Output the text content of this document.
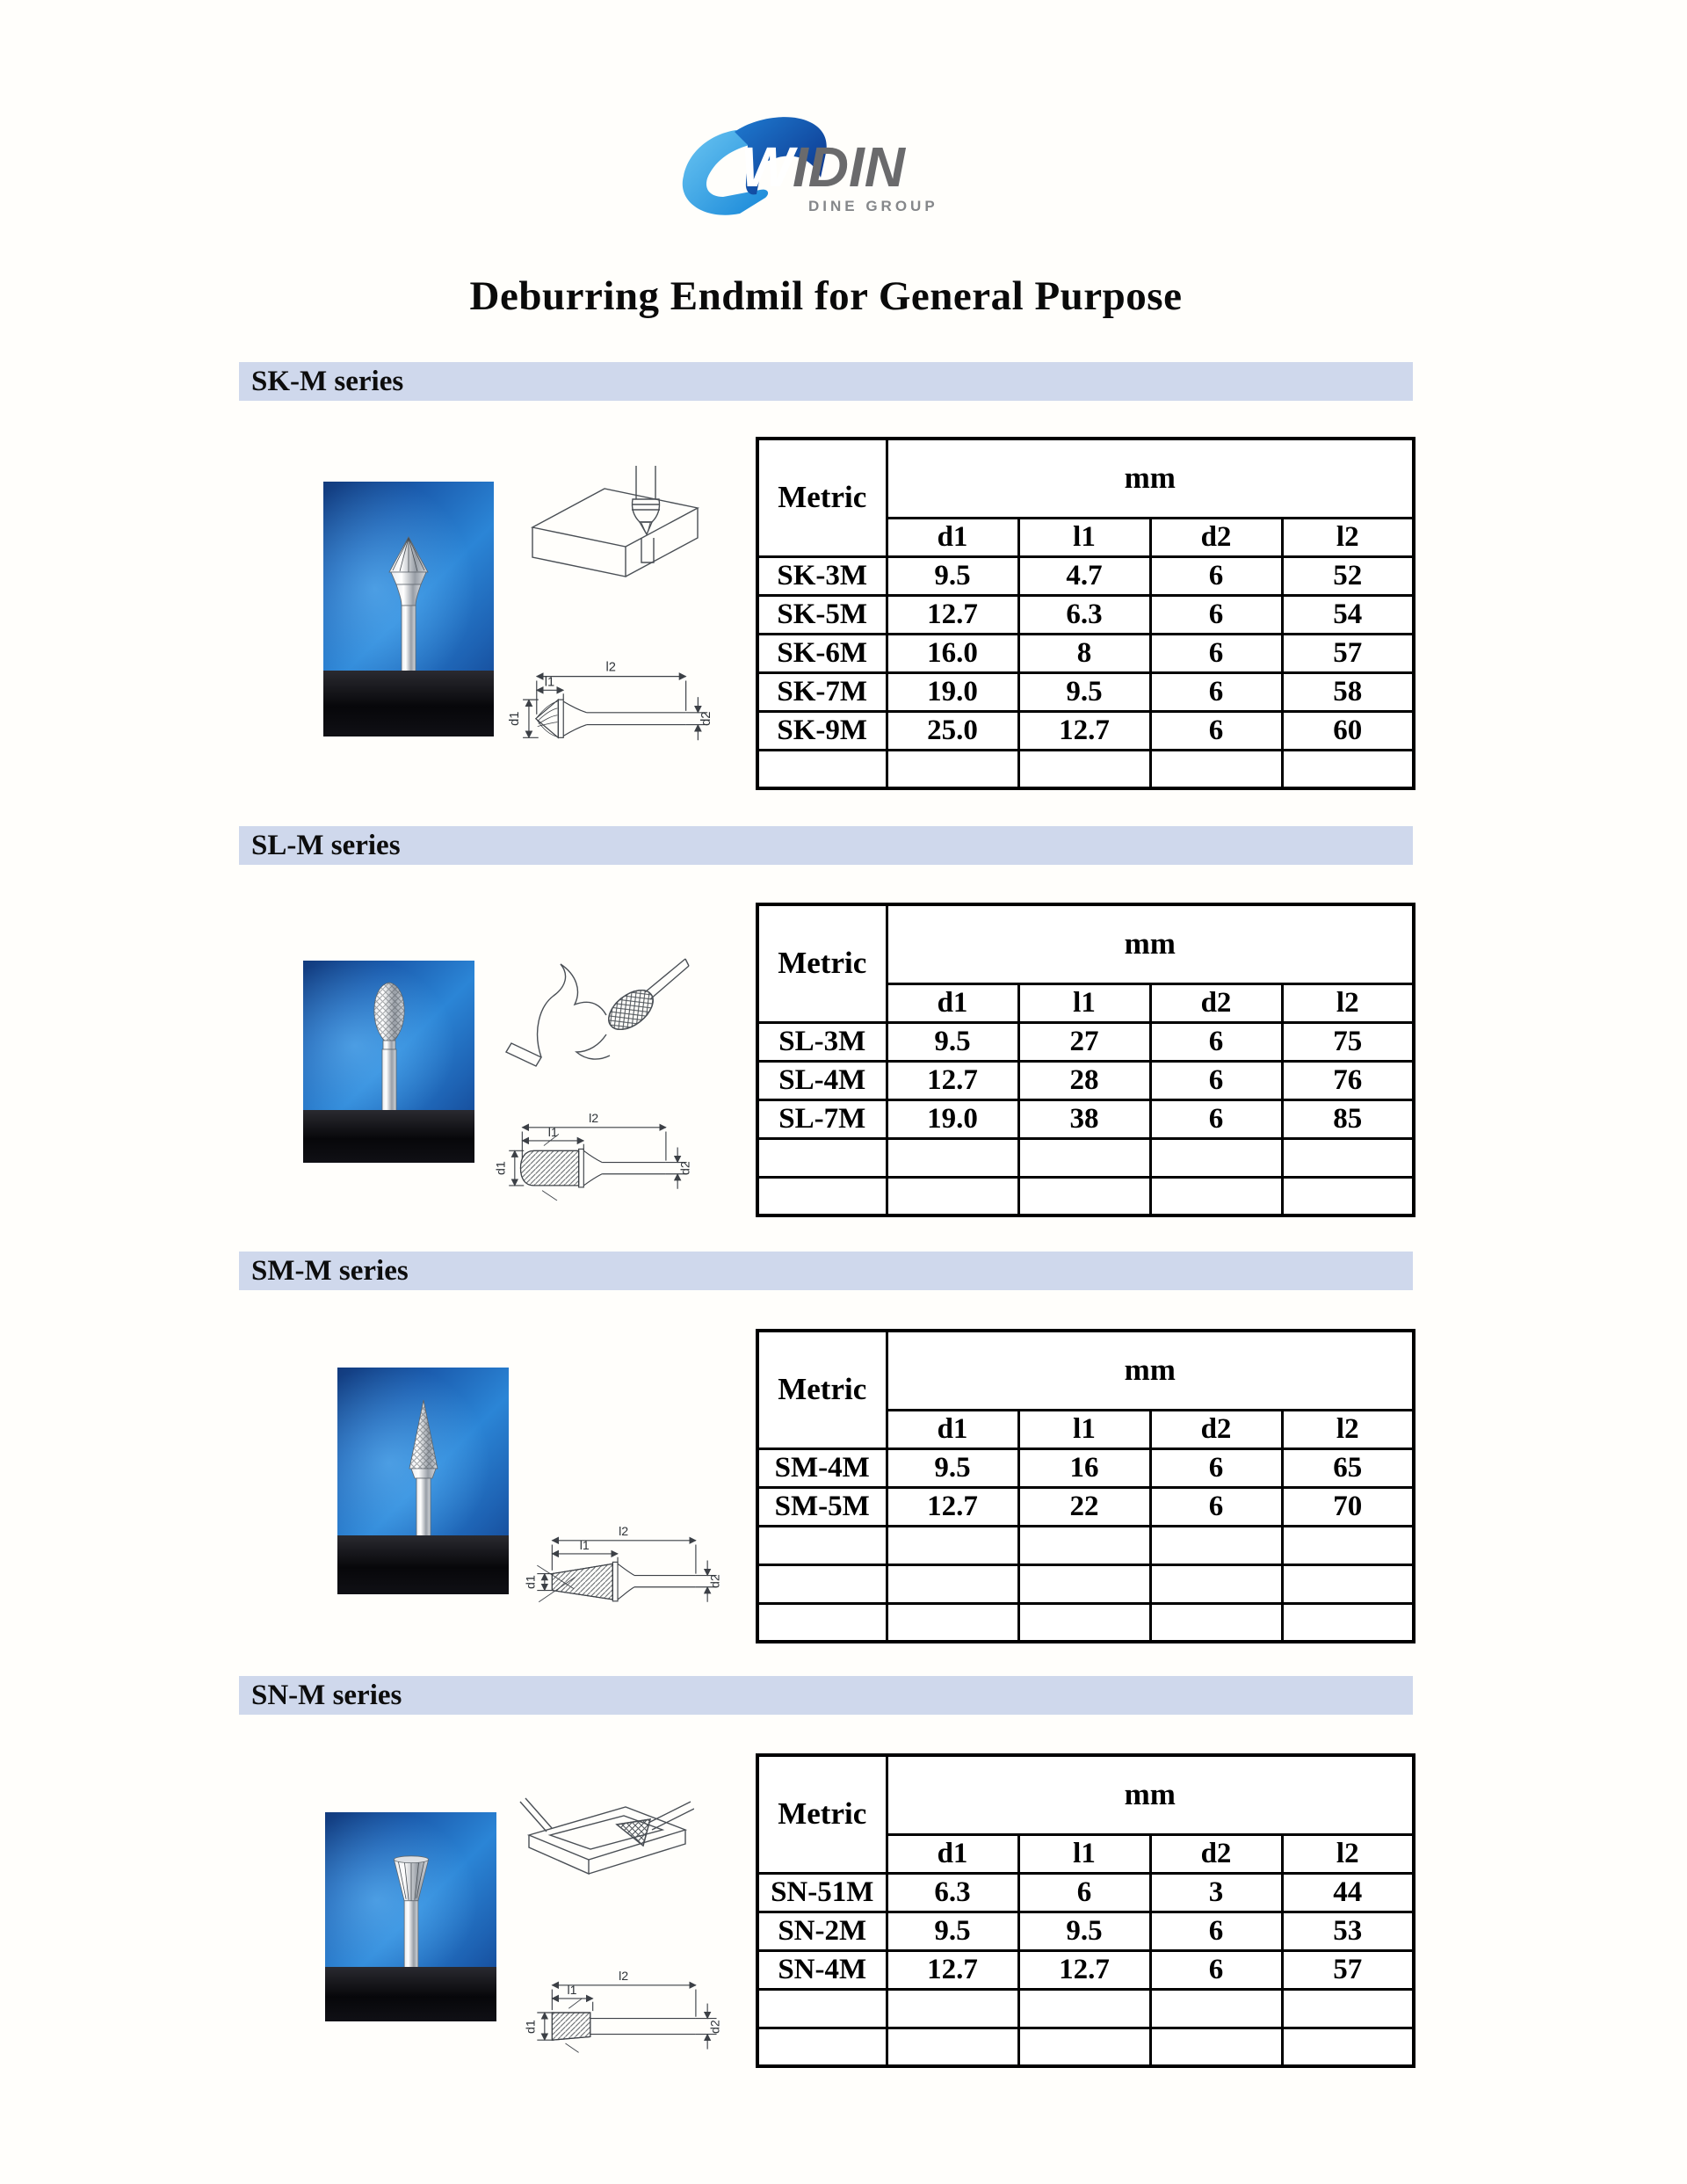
W
IDIN
DINE GROUP
Deburring Endmil for General Purpose
SK-M series
SL-M series
SM-M series
SN-M series
l2
l1
d1	d2
l2
l1
d1	d2
l2
l1
d1	d2
l2
l1
d1	d2
Metric	mm			
	d1	l1	d2	l2
SK-3M	9.5	4.7	6	52
SK-5M	12.7	6.3	6	54
SK-6M	16.0	8	6	57
SK-7M	19.0	9.5	6	58
SK-9M	25.0	12.7	6	60

Metric	mm			
	d1	l1	d2	l2
SL-3M	9.5	27	6	75
SL-4M	12.7	28	6	76
SL-7M	19.0	38	6	85

Metric	mm			
	d1	l1	d2	l2
SM-4M	9.5	16	6	65
SM-5M	12.7	22	6	70

Metric	mm			
	d1	l1	d2	l2
SN-51M	6.3	6	3	44
SN-2M	9.5	9.5	6	53
SN-4M	12.7	12.7	6	57
